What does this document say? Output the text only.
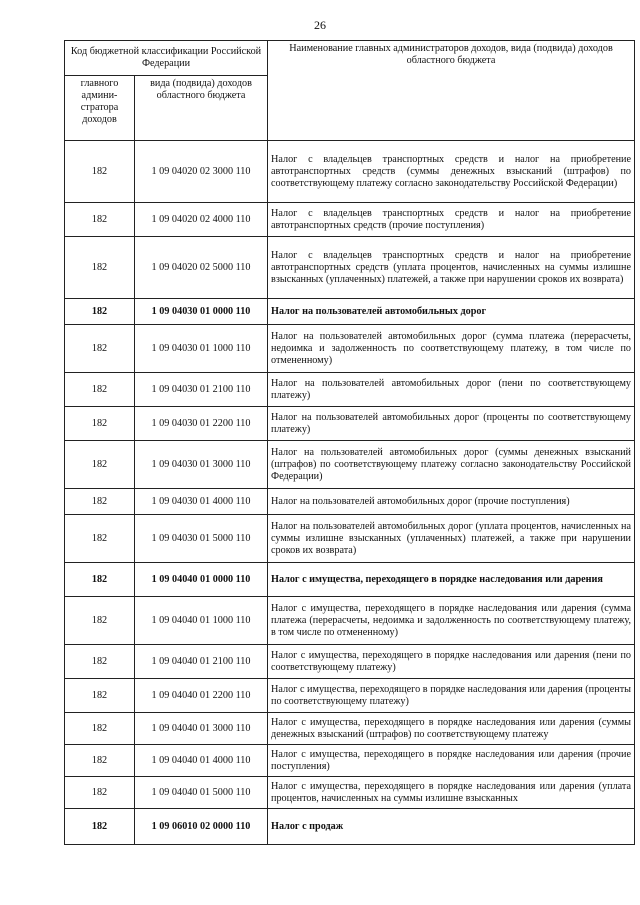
26
Код бюджетной классификации Российской Федерации		Наименование главных администраторов доходов, вида (подвида) доходов областного бюджета
главного админи-стратора доходов	вида (подвида) доходов областного бюджета	
182	1 09 04020 02 3000 110	Налог с владельцев транспортных средств и налог на приобретение автотранспортных средств (суммы денежных взысканий (штрафов) по соответствующему платежу согласно законодательству Российской Федерации)
182	1 09 04020 02 4000 110	Налог с владельцев транспортных средств и налог на приобретение автотранспортных средств (прочие поступления)
182	1 09 04020 02 5000 110	Налог с владельцев транспортных средств и налог на приобретение автотранспортных средств (уплата процентов, начисленных на суммы излишне взысканных (уплаченных) платежей, а также при нарушении сроков их возврата)
182	1 09 04030 01 0000 110	Налог на пользователей автомобильных дорог
182	1 09 04030 01 1000 110	Налог на пользователей автомобильных дорог (сумма платежа (перерасчеты, недоимка и задолженность по соответствующему платежу, в том числе по отмененному)
182	1 09 04030 01 2100 110	Налог на пользователей автомобильных дорог (пени по соответствующему платежу)
182	1 09 04030 01 2200 110	Налог на пользователей автомобильных дорог (проценты по соответствующему платежу)
182	1 09 04030 01 3000 110	Налог на пользователей автомобильных дорог (суммы денежных взысканий (штрафов) по соответствующему платежу согласно законодательству Российской Федерации)
182	1 09 04030 01 4000 110	Налог на пользователей автомобильных дорог (прочие поступления)
182	1 09 04030 01 5000 110	Налог на пользователей автомобильных дорог (уплата процентов, начисленных на суммы излишне взысканных (уплаченных) платежей, а также при нарушении сроков их возврата)
182	1 09 04040 01 0000 110	Налог с имущества, переходящего в порядке наследования или дарения
182	1 09 04040 01 1000 110	Налог с имущества, переходящего в порядке наследования или дарения (сумма платежа (перерасчеты, недоимка и задолженность по соответствующему платежу, в том числе по отмененному)
182	1 09 04040 01 2100 110	Налог с имущества, переходящего в порядке наследования или дарения (пени по соответствующему платежу)
182	1 09 04040 01 2200 110	Налог с имущества, переходящего в порядке наследования или дарения (проценты по соответствующему платежу)
182	1 09 04040 01 3000 110	Налог с имущества, переходящего в порядке наследования или дарения (суммы денежных взысканий (штрафов) по соответствующему платежу
182	1 09 04040 01 4000 110	Налог с имущества, переходящего в порядке наследования или дарения (прочие поступления)
182	1 09 04040 01 5000 110	Налог с имущества, переходящего в порядке наследования или дарения (уплата процентов, начисленных на суммы излишне взысканных
182	1 09 06010 02 0000 110	Налог с продаж
